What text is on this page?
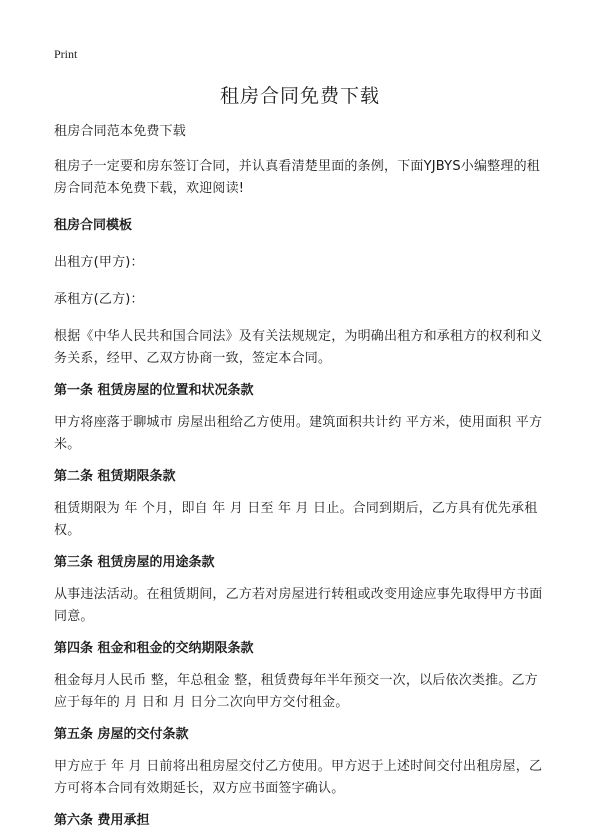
Print
租房合同免费下载

租房合同范本免费下载

租房子一定要和房东签订合同，并认真看清楚里面的条例，下面YJBYS小编整理的租房合同范本免费下载，欢迎阅读!

租房合同模板

出租方(甲方)：

承租方(乙方)：

根据《中华人民共和国合同法》及有关法规规定，为明确出租方和承租方的权利和义务关系，经甲、乙双方协商一致，签定本合同。

第一条 租赁房屋的位置和状况条款

甲方将座落于聊城市 房屋出租给乙方使用。建筑面积共计约 平方米，使用面积 平方米。

第二条 租赁期限条款

租赁期限为 年 个月，即自 年 月 日至 年 月 日止。合同到期后，乙方具有优先承租权。

第三条 租赁房屋的用途条款

从事违法活动。在租赁期间，乙方若对房屋进行转租或改变用途应事先取得甲方书面同意。

第四条 租金和租金的交纳期限条款

租金每月人民币 整，年总租金 整，租赁费每年半年预交一次，以后依次类推。乙方应于每年的 月 日和 月 日分二次向甲方交付租金。

第五条 房屋的交付条款

甲方应于 年 月 日前将出租房屋交付乙方使用。甲方迟于上述时间交付出租房屋，乙方可将本合同有效期延长，双方应书面签字确认。

第六条 费用承担
